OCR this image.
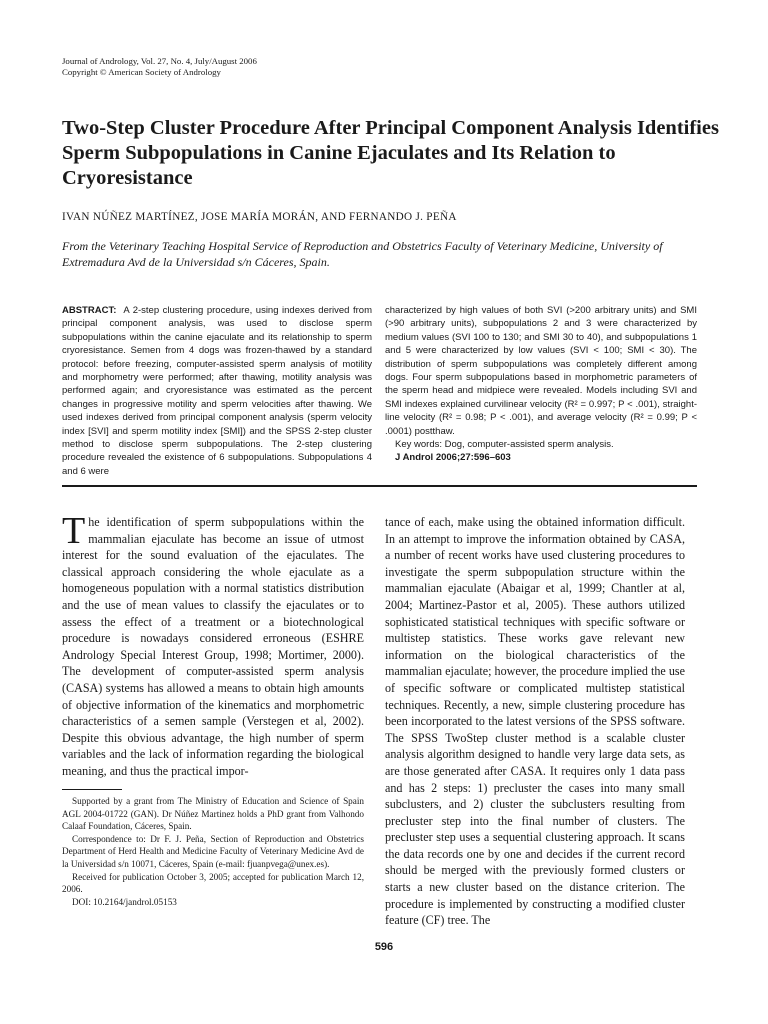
Journal of Andrology, Vol. 27, No. 4, July/August 2006
Copyright © American Society of Andrology
Two-Step Cluster Procedure After Principal Component Analysis Identifies Sperm Subpopulations in Canine Ejaculates and Its Relation to Cryoresistance
IVAN NÚÑEZ MARTÍNEZ, JOSE MARÍA MORÁN, AND FERNANDO J. PEÑA
From the Veterinary Teaching Hospital Service of Reproduction and Obstetrics Faculty of Veterinary Medicine, University of Extremadura Avd de la Universidad s/n Cáceres, Spain.
ABSTRACT: A 2-step clustering procedure, using indexes derived from principal component analysis, was used to disclose sperm subpopulations within the canine ejaculate and its relationship to sperm cryoresistance. Semen from 4 dogs was frozen-thawed by a standard protocol: before freezing, computer-assisted sperm analysis of motility and morphometry were performed; after thawing, motility analysis was performed again; and cryoresistance was estimated as the percent changes in progressive motility and sperm velocities after thawing. We used indexes derived from principal component analysis (sperm velocity index [SVI] and sperm motility index [SMI]) and the SPSS 2-step cluster method to disclose sperm subpopulations. The 2-step clustering procedure revealed the existence of 6 subpopulations. Subpopulations 4 and 6 were
characterized by high values of both SVI (>200 arbitrary units) and SMI (>90 arbitrary units), subpopulations 2 and 3 were characterized by medium values (SVI 100 to 130; and SMI 30 to 40), and subpopulations 1 and 5 were characterized by low values (SVI < 100; SMI < 30). The distribution of sperm subpopulations was completely different among dogs. Four sperm subpopulations based in morphometric parameters of the sperm head and midpiece were revealed. Models including SVI and SMI indexes explained curvilinear velocity (R² = 0.997; P < .001), straight-line velocity (R² = 0.98; P < .001), and average velocity (R² = 0.99; P < .0001) postthaw.
Key words: Dog, computer-assisted sperm analysis.
J Androl 2006;27:596–603

The identification of sperm subpopulations within the mammalian ejaculate has become an issue of utmost interest for the sound evaluation of the ejaculates. The classical approach considering the whole ejaculate as a homogeneous population with a normal statistics distribution and the use of mean values to classify the ejaculates or to assess the effect of a treatment or a biotechnological procedure is nowadays considered erroneous (ESHRE Andrology Special Interest Group, 1998; Mortimer, 2000). The development of computer-assisted sperm analysis (CASA) systems has allowed a means to obtain high amounts of objective information of the kinematics and morphometric characteristics of a semen sample (Verstegen et al, 2002). Despite this obvious advantage, the high number of sperm variables and the lack of information regarding the biological meaning, and thus the practical impor-

tance of each, make using the obtained information difficult. In an attempt to improve the information obtained by CASA, a number of recent works have used clustering procedures to investigate the sperm subpopulation structure within the mammalian ejaculate (Abaigar et al, 1999; Chantler at al, 2004; Martinez-Pastor et al, 2005). These authors utilized sophisticated statistical techniques with specific software or multistep statistics. These works gave relevant new information on the biological characteristics of the mammalian ejaculate; however, the procedure implied the use of specific software or complicated multistep statistical techniques. Recently, a new, simple clustering procedure has been incorporated to the latest versions of the SPSS software. The SPSS TwoStep cluster method is a scalable cluster analysis algorithm designed to handle very large data sets, as are those generated after CASA. It requires only 1 data pass and has 2 steps: 1) precluster the cases into many small subclusters, and 2) cluster the subclusters resulting from precluster step into the final number of clusters. The precluster step uses a sequential clustering approach. It scans the data records one by one and decides if the current record should be merged with the previously formed clusters or starts a new cluster based on the distance criterion. The procedure is implemented by constructing a modified cluster feature (CF) tree. The

Supported by a grant from The Ministry of Education and Science of Spain AGL 2004-01722 (GAN). Dr Núñez Martinez holds a PhD grant from Valhondo Calaaf Foundation, Cáceres, Spain.

Correspondence to: Dr F. J. Peña, Section of Reproduction and Obstetrics Department of Herd Health and Medicine Faculty of Veterinary Medicine Avd de la Universidad s/n 10071, Cáceres, Spain (e-mail: fjuanpvega@unex.es).

Received for publication October 3, 2005; accepted for publication March 12, 2006.

DOI: 10.2164/jandrol.05153

596
